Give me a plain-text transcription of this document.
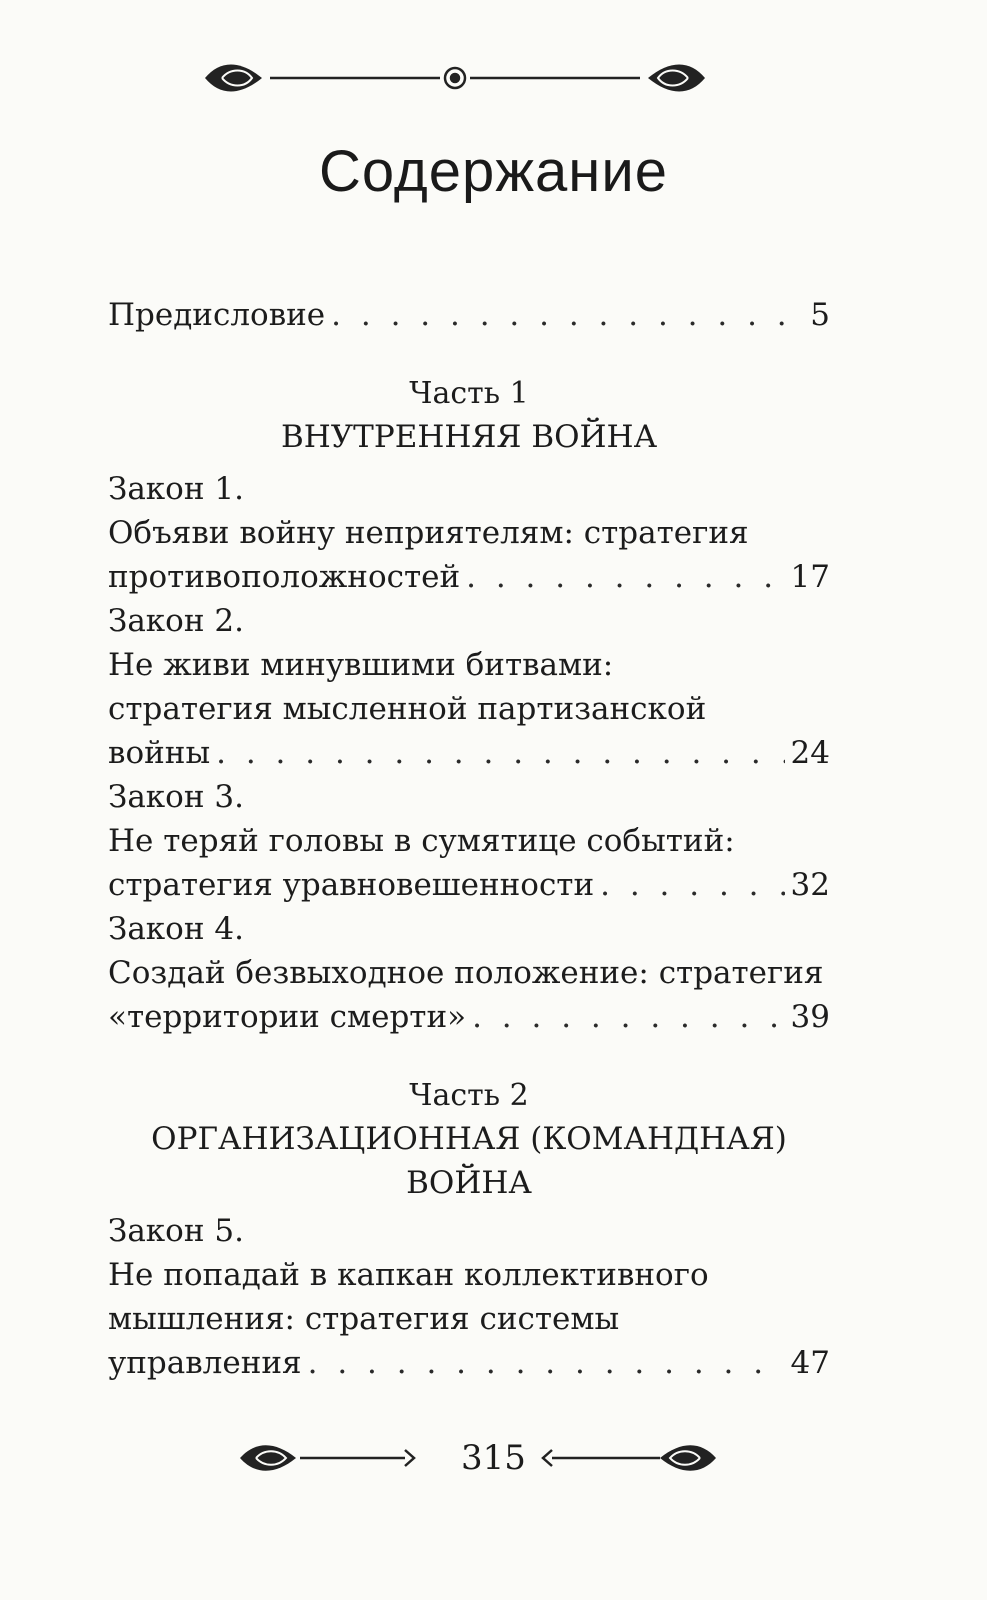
Содержание
Предисловие . . .	5
Часть 1
ВНУТРЕННЯЯ ВОЙНА
Закон 1.
Объяви войну неприятелям: стратегия
противоположностей . . .	17
Закон 2.
Не живи минувшими битвами:
стратегия мысленной партизанской
войны . . .	24
Закон 3.
Не теряй головы в сумятице событий:
стратегия уравновешенности . . .	32
Закон 4.
Создай безвыходное положение: стратегия
«территории смерти» . . .	39
Часть 2
ОРГАНИЗАЦИОННАЯ (КОМАНДНАЯ)
ВОЙНА
Закон 5.
Не попадай в капкан коллективного
мышления: стратегия системы
управления . . .	47
315
